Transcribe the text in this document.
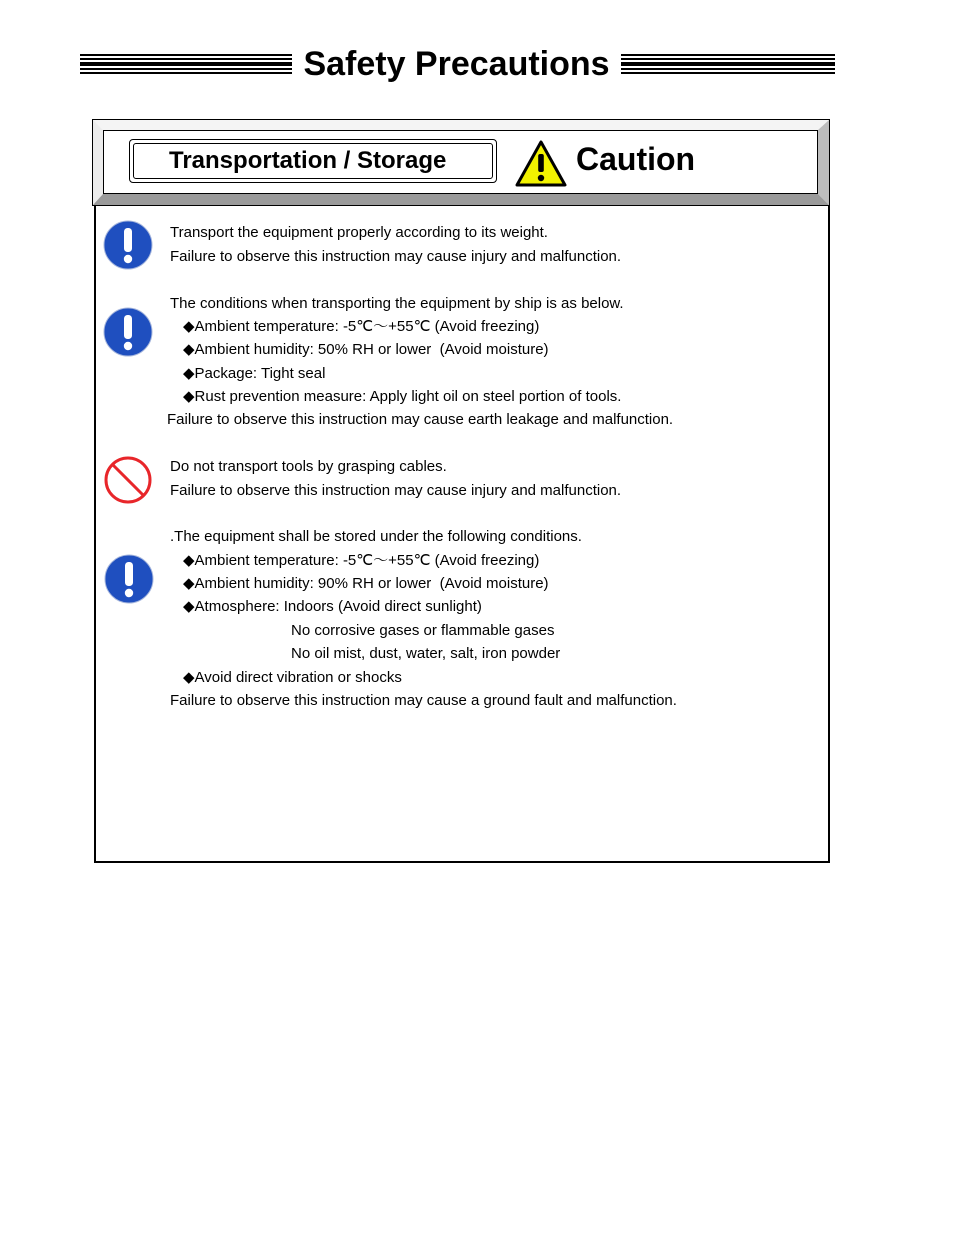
Safety Precautions
Transportation / Storage	Caution
Transport the equipment properly according to its weight.
Failure to observe this instruction may cause injury and malfunction.
The conditions when transporting the equipment by ship is as below.
◆Ambient temperature: -5℃～+55℃ (Avoid freezing)
◆Ambient humidity: 50% RH or lower  (Avoid moisture)
◆Package: Tight seal
◆Rust prevention measure: Apply light oil on steel portion of tools.
Failure to observe this instruction may cause earth leakage and malfunction.
Do not transport tools by grasping cables.
Failure to observe this instruction may cause injury and malfunction.
.The equipment shall be stored under the following conditions.
◆Ambient temperature: -5℃～+55℃ (Avoid freezing)
◆Ambient humidity: 90% RH or lower  (Avoid moisture)
◆Atmosphere: Indoors (Avoid direct sunlight)
No corrosive gases or flammable gases
No oil mist, dust, water, salt, iron powder
◆Avoid direct vibration or shocks
Failure to observe this instruction may cause a ground fault and malfunction.
